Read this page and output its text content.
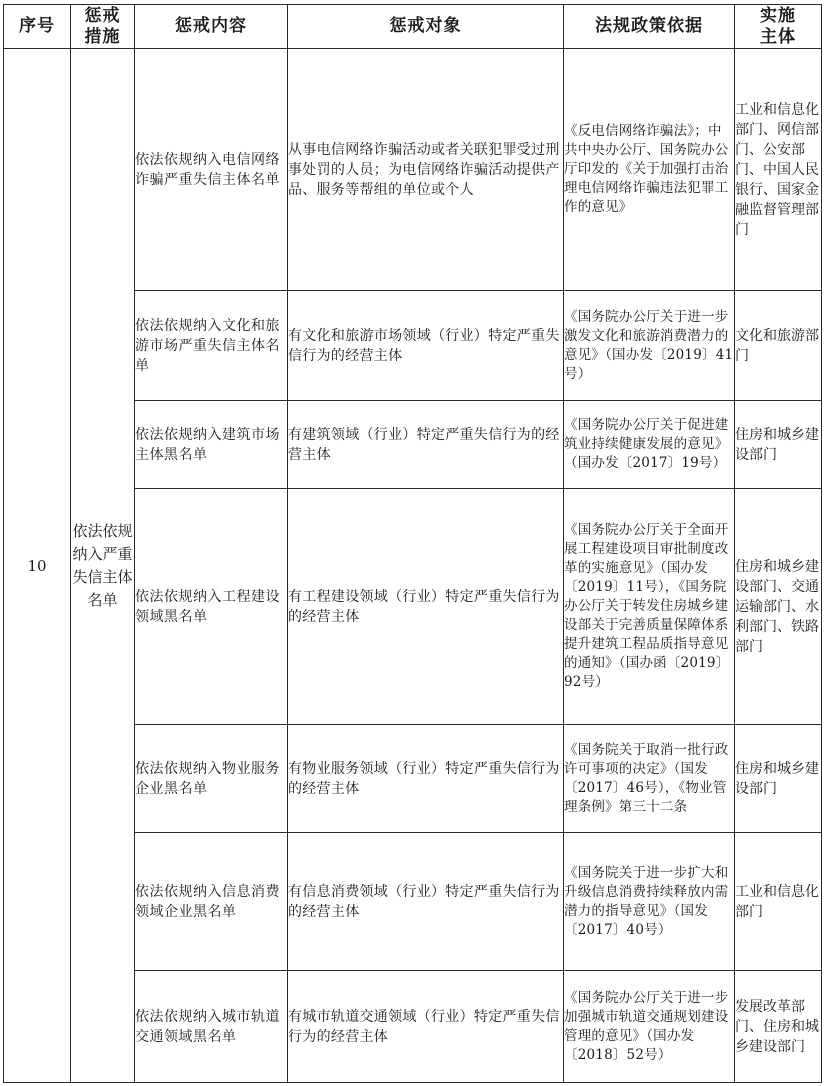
序号	惩戒措施	惩戒内容	惩戒对象	法规政策依据	实施主体
10	依法依规纳入严重失信主体名单	依法依规纳入电信网络诈骗严重失信主体名单	从事电信网络诈骗活动或者关联犯罪受过刑事处罚的人员；为电信网络诈骗活动提供产品、服务等帮组的单位或个人	《反电信网络诈骗法》；中共中央办公厅、国务院办公厅印发的《关于加强打击治理电信网络诈骗违法犯罪工作的意见》	工业和信息化部门、网信部门、公安部门、中国人民银行、国家金融监督管理部门

		依法依规纳入文化和旅游市场严重失信主体名单	有文化和旅游市场领域（行业）特定严重失信行为的经营主体	《国务院办公厅关于进一步激发文化和旅游消费潜力的意见》（国办发〔2019〕41号）	文化和旅游部门

		依法依规纳入建筑市场主体黑名单	有建筑领域（行业）特定严重失信行为的经营主体	《国务院办公厅关于促进建筑业持续健康发展的意见》（国办发〔2017〕19号）	住房和城乡建设部门

		依法依规纳入工程建设领域黑名单	有工程建设领域（行业）特定严重失信行为的经营主体	《国务院办公厅关于全面开展工程建设项目审批制度改革的实施意见》（国办发〔2019〕11号），《国务院办公厅关于转发住房城乡建设部关于完善质量保障体系提升建筑工程品质指导意见的通知》（国办函〔2019〕92号）	住房和城乡建设部门、交通运输部门、水利部门、铁路部门

		依法依规纳入物业服务企业黑名单	有物业服务领域（行业）特定严重失信行为的经营主体	《国务院关于取消一批行政许可事项的决定》（国发〔2017〕46号），《物业管理条例》第三十二条	住房和城乡建设部门

		依法依规纳入信息消费领域企业黑名单	有信息消费领域（行业）特定严重失信行为的经营主体	《国务院关于进一步扩大和升级信息消费持续释放内需潜力的指导意见》（国发〔2017〕40号）	工业和信息化部门

		依法依规纳入城市轨道交通领域黑名单	有城市轨道交通领域（行业）特定严重失信行为的经营主体	《国务院办公厅关于进一步加强城市轨道交通规划建设管理的意见》（国办发〔2018〕52号）	发展改革部门、住房和城乡建设部门
